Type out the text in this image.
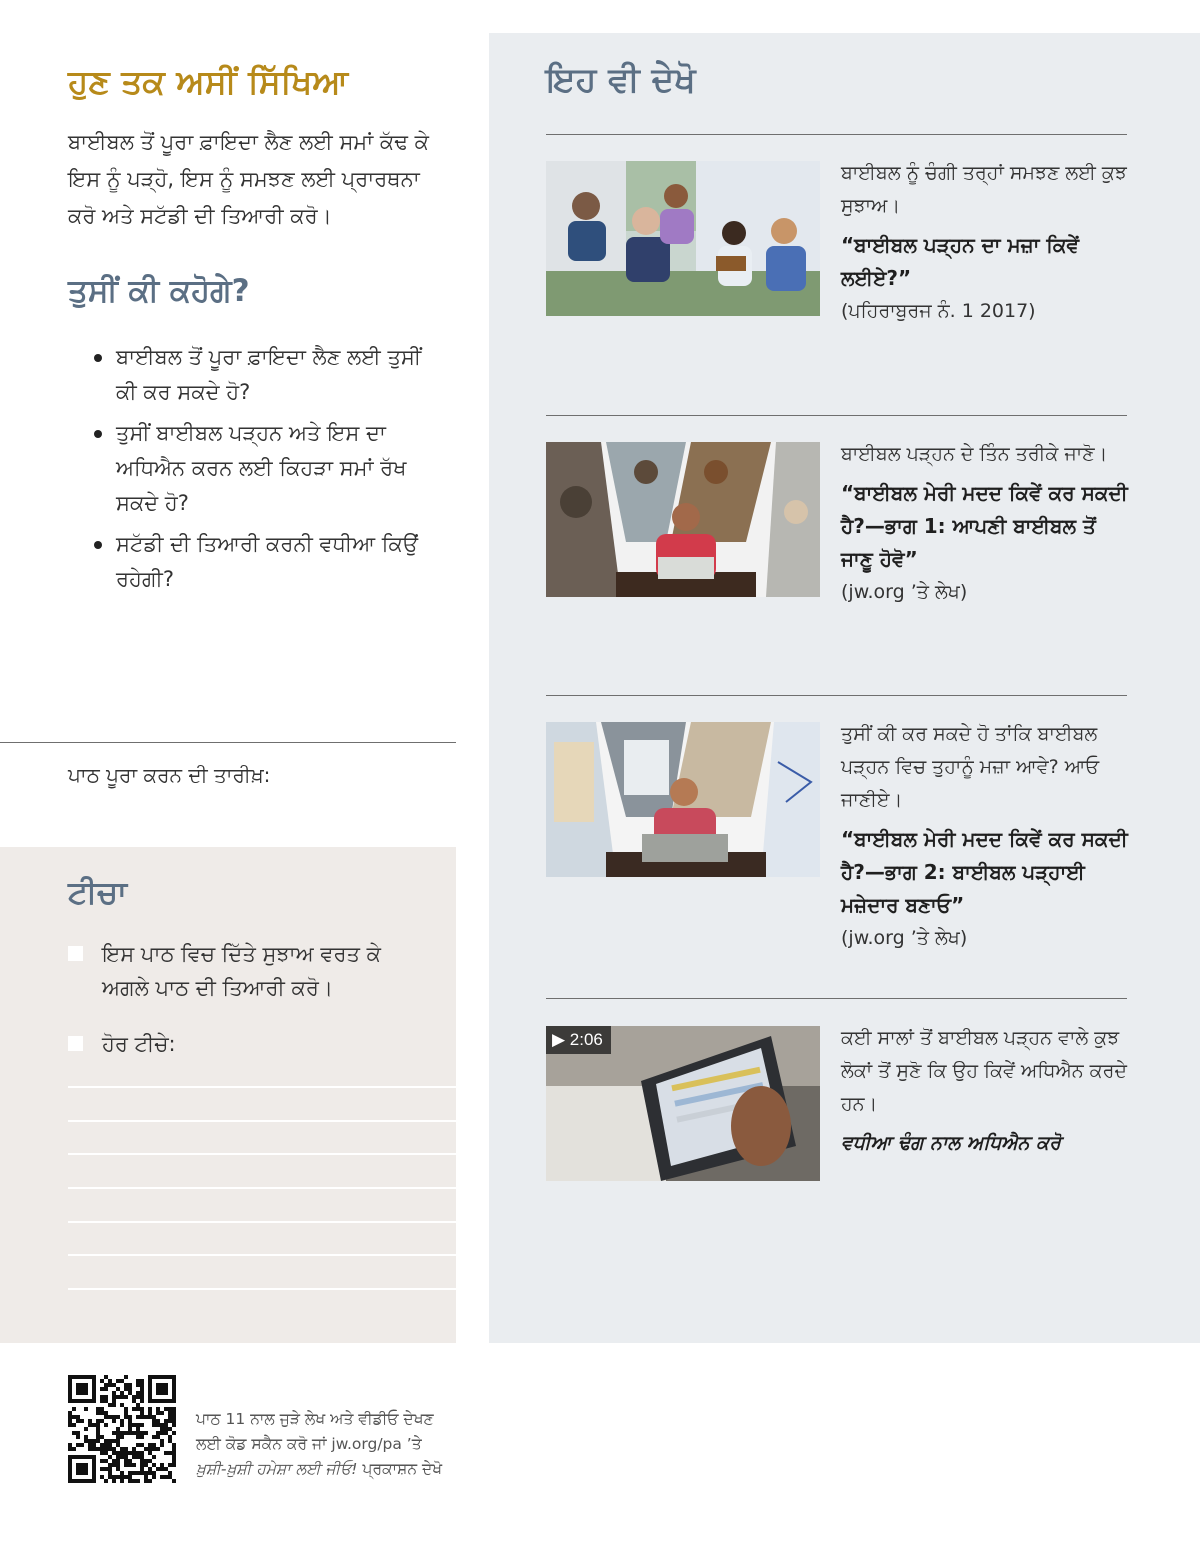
ਹੁਣ ਤਕ ਅਸੀਂ ਸਿੱਖਿਆ

ਬਾਈਬਲ ਤੋਂ ਪੂਰਾ ਫ਼ਾਇਦਾ ਲੈਣ ਲਈ ਸਮਾਂ ਕੱਢ ਕੇ ਇਸ ਨੂੰ ਪੜ੍ਹੋ, ਇਸ ਨੂੰ ਸਮਝਣ ਲਈ ਪ੍ਰਾਰਥਨਾ ਕਰੋ ਅਤੇ ਸਟੱਡੀ ਦੀ ਤਿਆਰੀ ਕਰੋ।

ਤੁਸੀਂ ਕੀ ਕਹੋਗੇ?
ਬਾਈਬਲ ਤੋਂ ਪੂਰਾ ਫ਼ਾਇਦਾ ਲੈਣ ਲਈ ਤੁਸੀਂ ਕੀ ਕਰ ਸਕਦੇ ਹੋ?
ਤੁਸੀਂ ਬਾਈਬਲ ਪੜ੍ਹਨ ਅਤੇ ਇਸ ਦਾ ਅਧਿਐਨ ਕਰਨ ਲਈ ਕਿਹੜਾ ਸਮਾਂ ਰੱਖ ਸਕਦੇ ਹੋ?
ਸਟੱਡੀ ਦੀ ਤਿਆਰੀ ਕਰਨੀ ਵਧੀਆ ਕਿਉਂ ਰਹੇਗੀ?
ਪਾਠ ਪੂਰਾ ਕਰਨ ਦੀ ਤਾਰੀਖ਼:
ਟੀਚਾ
ਇਸ ਪਾਠ ਵਿਚ ਦਿੱਤੇ ਸੁਝਾਅ ਵਰਤ ਕੇ ਅਗਲੇ ਪਾਠ ਦੀ ਤਿਆਰੀ ਕਰੋ।
ਹੋਰ ਟੀਚੇ:
ਇਹ ਵੀ ਦੇਖੋ
ਬਾਈਬਲ ਨੂੰ ਚੰਗੀ ਤਰ੍ਹਾਂ ਸਮਝਣ ਲਈ ਕੁਝ ਸੁਝਾਅ।
“ਬਾਈਬਲ ਪੜ੍ਹਨ ਦਾ ਮਜ਼ਾ ਕਿਵੇਂ ਲਈਏ?”
(ਪਹਿਰਾਬੁਰਜ ਨੰ. 1 2017)
ਬਾਈਬਲ ਪੜ੍ਹਨ ਦੇ ਤਿੰਨ ਤਰੀਕੇ ਜਾਣੋ।
“ਬਾਈਬਲ ਮੇਰੀ ਮਦਦ ਕਿਵੇਂ ਕਰ ਸਕਦੀ ਹੈ?—ਭਾਗ 1: ਆਪਣੀ ਬਾਈਬਲ ਤੋਂ ਜਾਣੂ ਹੋਵੋ”
(jw.org ’ਤੇ ਲੇਖ)
ਤੁਸੀਂ ਕੀ ਕਰ ਸਕਦੇ ਹੋ ਤਾਂਕਿ ਬਾਈਬਲ ਪੜ੍ਹਨ ਵਿਚ ਤੁਹਾਨੂੰ ਮਜ਼ਾ ਆਵੇ? ਆਓ ਜਾਣੀਏ।
“ਬਾਈਬਲ ਮੇਰੀ ਮਦਦ ਕਿਵੇਂ ਕਰ ਸਕਦੀ ਹੈ?—ਭਾਗ 2: ਬਾਈਬਲ ਪੜ੍ਹਾਈ ਮਜ਼ੇਦਾਰ ਬਣਾਓ”
(jw.org ’ਤੇ ਲੇਖ)
▶ 2:06	ਕਈ ਸਾਲਾਂ ਤੋਂ ਬਾਈਬਲ ਪੜ੍ਹਨ ਵਾਲੇ ਕੁਝ ਲੋਕਾਂ ਤੋਂ ਸੁਣੋ ਕਿ ਉਹ ਕਿਵੇਂ ਅਧਿਐਨ ਕਰਦੇ ਹਨ।
ਵਧੀਆ ਢੰਗ ਨਾਲ ਅਧਿਐਨ ਕਰੋ
ਪਾਠ 11 ਨਾਲ ਜੁੜੇ ਲੇਖ ਅਤੇ ਵੀਡੀਓ ਦੇਖਣ
ਲਈ ਕੋਡ ਸਕੈਨ ਕਰੋ ਜਾਂ jw.org/pa ’ਤੇ
ਖ਼ੁਸ਼ੀ-ਖ਼ੁਸ਼ੀ ਹਮੇਸ਼ਾ ਲਈ ਜੀਓ! ਪ੍ਰਕਾਸ਼ਨ ਦੇਖੋ
